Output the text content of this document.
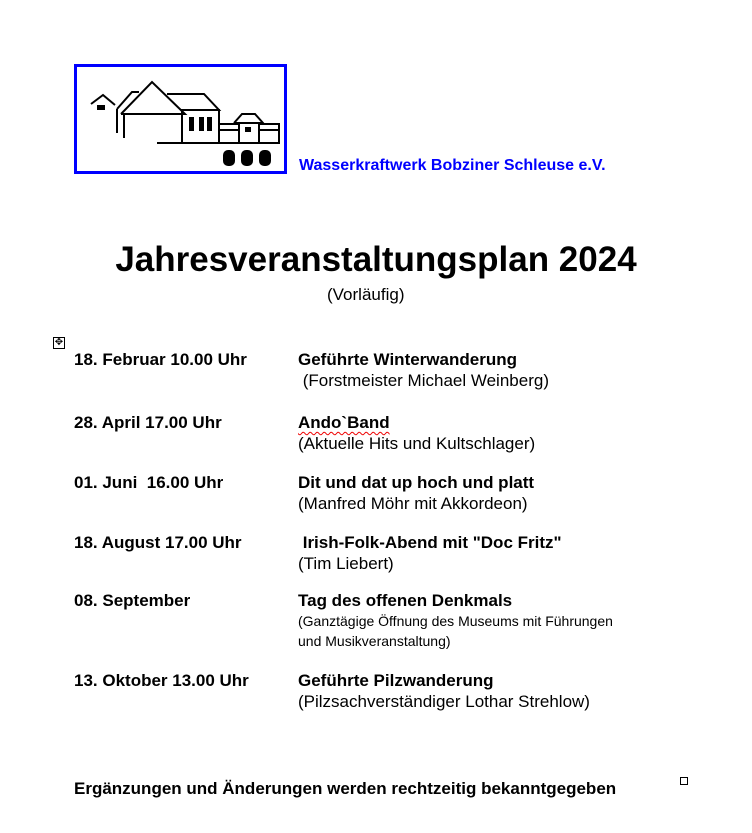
Wasserkraftwerk Bobziner Schleuse e.V.
Jahresveranstaltungsplan 2024
(Vorläufig)
✥
18. Februar 10.00 Uhr	Geführte Winterwanderung
(Forstmeister Michael Weinberg)
28. April 17.00 Uhr	Ando`Band
(Aktuelle Hits und Kultschlager)
01. Juni  16.00 Uhr	Dit und dat up hoch und platt
(Manfred Möhr mit Akkordeon)
18. August 17.00 Uhr	Irish-Folk-Abend mit "Doc Fritz"
(Tim Liebert)
08. September	Tag des offenen Denkmals
(Ganztägige Öffnung des Museums mit Führungen
und Musikveranstaltung)
13. Oktober 13.00 Uhr	Geführte Pilzwanderung
(Pilzsachverständiger Lothar Strehlow)
Ergänzungen und Änderungen werden rechtzeitig bekanntgegeben
